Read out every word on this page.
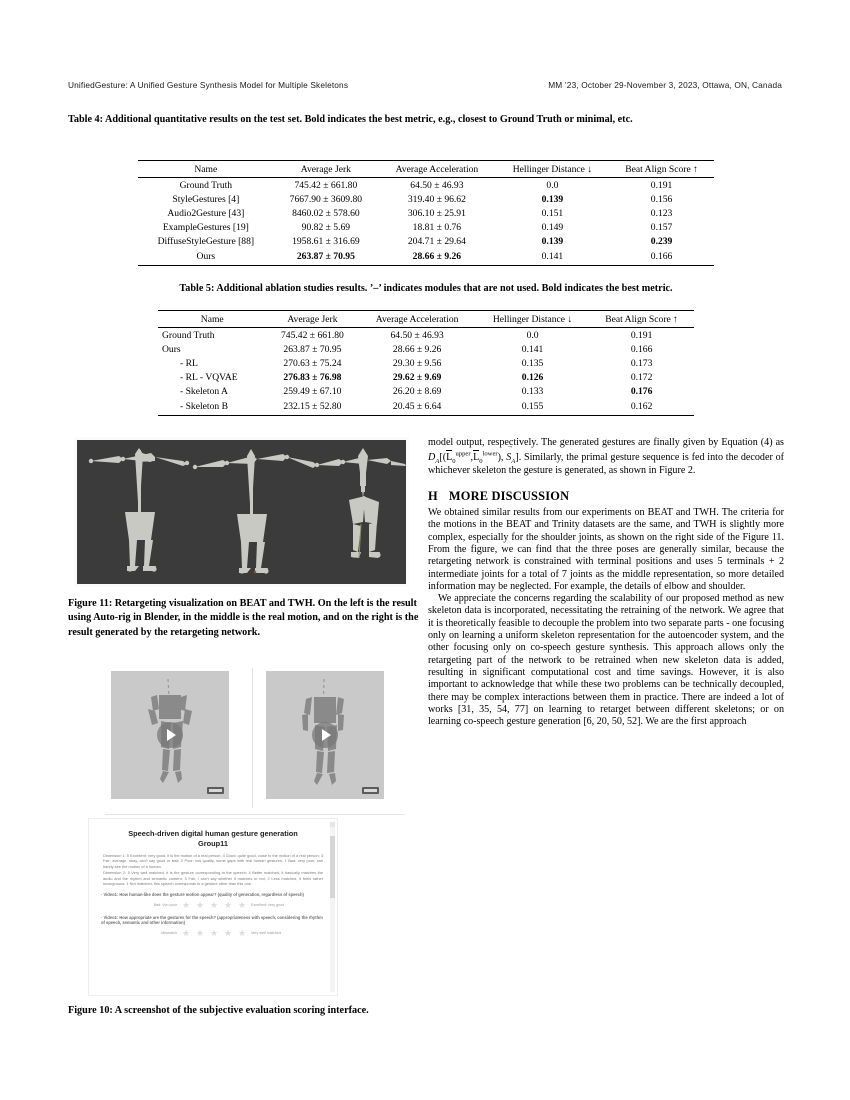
UnifiedGesture: A Unified Gesture Synthesis Model for Multiple Skeletons	MM ’23, October 29-November 3, 2023, Ottawa, ON, Canada
Table 4: Additional quantitative results on the test set. Bold indicates the best metric, e.g., closest to Ground Truth or minimal, etc.
Name	Average Jerk	Average Acceleration	Hellinger Distance ↓	Beat Align Score ↑
Ground Truth	745.42 ± 661.80	64.50 ± 46.93	0.0	0.191
StyleGestures [4]	7667.90 ± 3609.80	319.40 ± 96.62	0.139	0.156
Audio2Gesture [43]	8460.02 ± 578.60	306.10 ± 25.91	0.151	0.123
ExampleGestures [19]	90.82 ± 5.69	18.81 ± 0.76	0.149	0.157
DiffuseStyleGesture [88]	1958.61 ± 316.69	204.71 ± 29.64	0.139	0.239
Ours	263.87 ± 70.95	28.66 ± 9.26	0.141	0.166
Table 5: Additional ablation studies results. ’–’ indicates modules that are not used. Bold indicates the best metric.
Name	Average Jerk	Average Acceleration	Hellinger Distance ↓	Beat Align Score ↑
Ground Truth	745.42 ± 661.80	64.50 ± 46.93	0.0	0.191
Ours	263.87 ± 70.95	28.66 ± 9.26	0.141	0.166
- RL	270.63 ± 75.24	29.30 ± 9.56	0.135	0.173
- RL - VQVAE	276.83 ± 76.98	29.62 ± 9.69	0.126	0.172
- Skeleton A	259.49 ± 67.10	26.20 ± 8.69	0.133	0.176
- Skeleton B	232.15 ± 52.80	20.45 ± 6.64	0.155	0.162
Figure 11: Retargeting visualization on BEAT and TWH. On the left is the result using Auto-rig in Blender, in the middle is the real motion, and on the right is the result generated by the retargeting network.
Speech-driven digital human gesture generation
Group11

Dimension 1: 5 Excellent: very good, it is the motion of a real person; 4 Good: quite good, close to the motion of a real person; 3 Fair: average, okay, can't say good or bad; 2 Poor: low quality, some gaps with real human gestures; 1 Bad: very poor, can barely see the motion of a human.

Dimension 2: 5 Very well matched, it is the gesture corresponding to the speech; 4 Better matched, it basically matches the audio and the rhythm and semantic content; 3 Fair, I can't say whether it matches or not; 2 Less matched, it feels rather incongruous; 1 Not matched, this speech corresponds to a gesture other than this one.

· Video1: How human-like does the gesture motion appear? (quality of generation, regardless of speech)
Bad: Von poor ★ ★ ★ ★ ★ Excellent: very good
· Video1: How appropriate are the gestures for the speech? (appropriateness with speech, considering the rhythm of speech, semantic and other information)
Mismatch ★ ★ ★ ★ ★ Very well matched
Figure 10: A screenshot of the subjective evaluation scoring interface.

model output, respectively. The generated gestures are finally given by Equation (4) as $D_A[(L_0^{upper},L_0^{lower})$, $S \to_A$]. Similarly, the primal gesture sequence is fed into the decoder of whichever skeleton the gesture is generated, as shown in Figure 2.

H MORE DISCUSSION

We obtained similar results from our experiments on BEAT and TWH. The criteria for the motions in the BEAT and Trinity datasets are the same, and TWH is slightly more complex, especially for the shoulder joints, as shown on the right side of the Figure 11. From the figure, we can find that the three poses are generally similar, because the retargeting network is constrained with terminal positions and uses 5 terminals + 2 intermediate joints for a total of 7 joints as the middle representation, so more detailed information may be neglected. For example, the details of elbow and shoulder.

We appreciate the concerns regarding the scalability of our proposed method as new skeleton data is incorporated, necessitating the retraining of the network. We agree that it is theoretically feasible to decouple the problem into two separate parts - one focusing only on learning a uniform skeleton representation for the autoencoder system, and the other focusing only on co-speech gesture synthesis. This approach allows only the retargeting part of the network to be retrained when new skeleton data is added, resulting in significant computational cost and time savings. However, it is also important to acknowledge that while these two problems can be technically decoupled, there may be complex interactions between them in practice. There are indeed a lot of works [31, 35, 54, 77] on learning to retarget between different skeletons; or on learning co-speech gesture generation [6, 20, 50, 52]. We are the first approach
